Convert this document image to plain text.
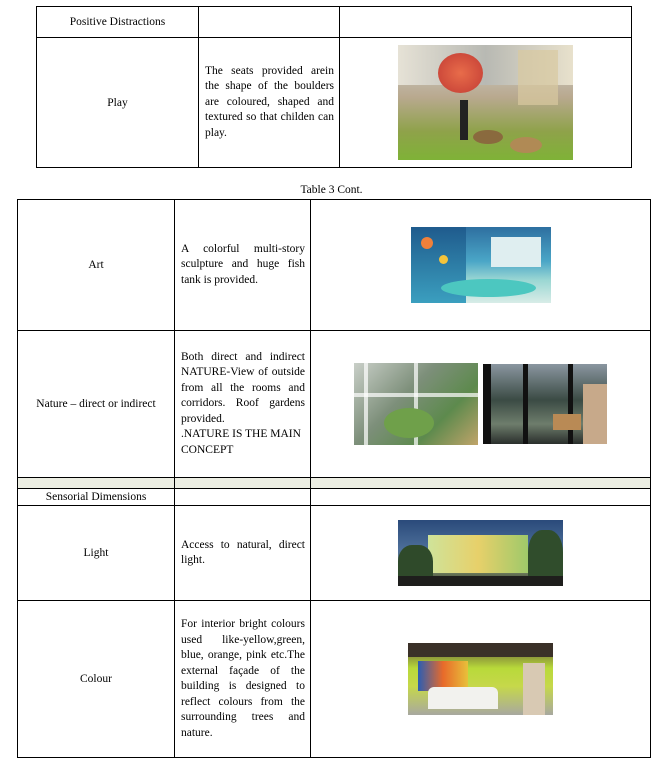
Positive Distractions		
Play	The seats provided arein the shape of the boulders are coloured, shaped and textured so that childen can play.	
Table 3 Cont.
Art	A colorful multi-story sculpture and huge fish tank is provided.	

Nature – direct or indirect	Both direct and indirect NATURE-View of outside from all the rooms and corridors. Roof gardens provided.
.NATURE IS THE MAIN CONCEPT	

Sensorial Dimensions		
Light	Access to natural, direct light.	

Colour	For interior bright colours used like-yellow,green, blue, orange, pink etc.The external façade of the building is designed to reflect colours from the surrounding trees and nature.	
